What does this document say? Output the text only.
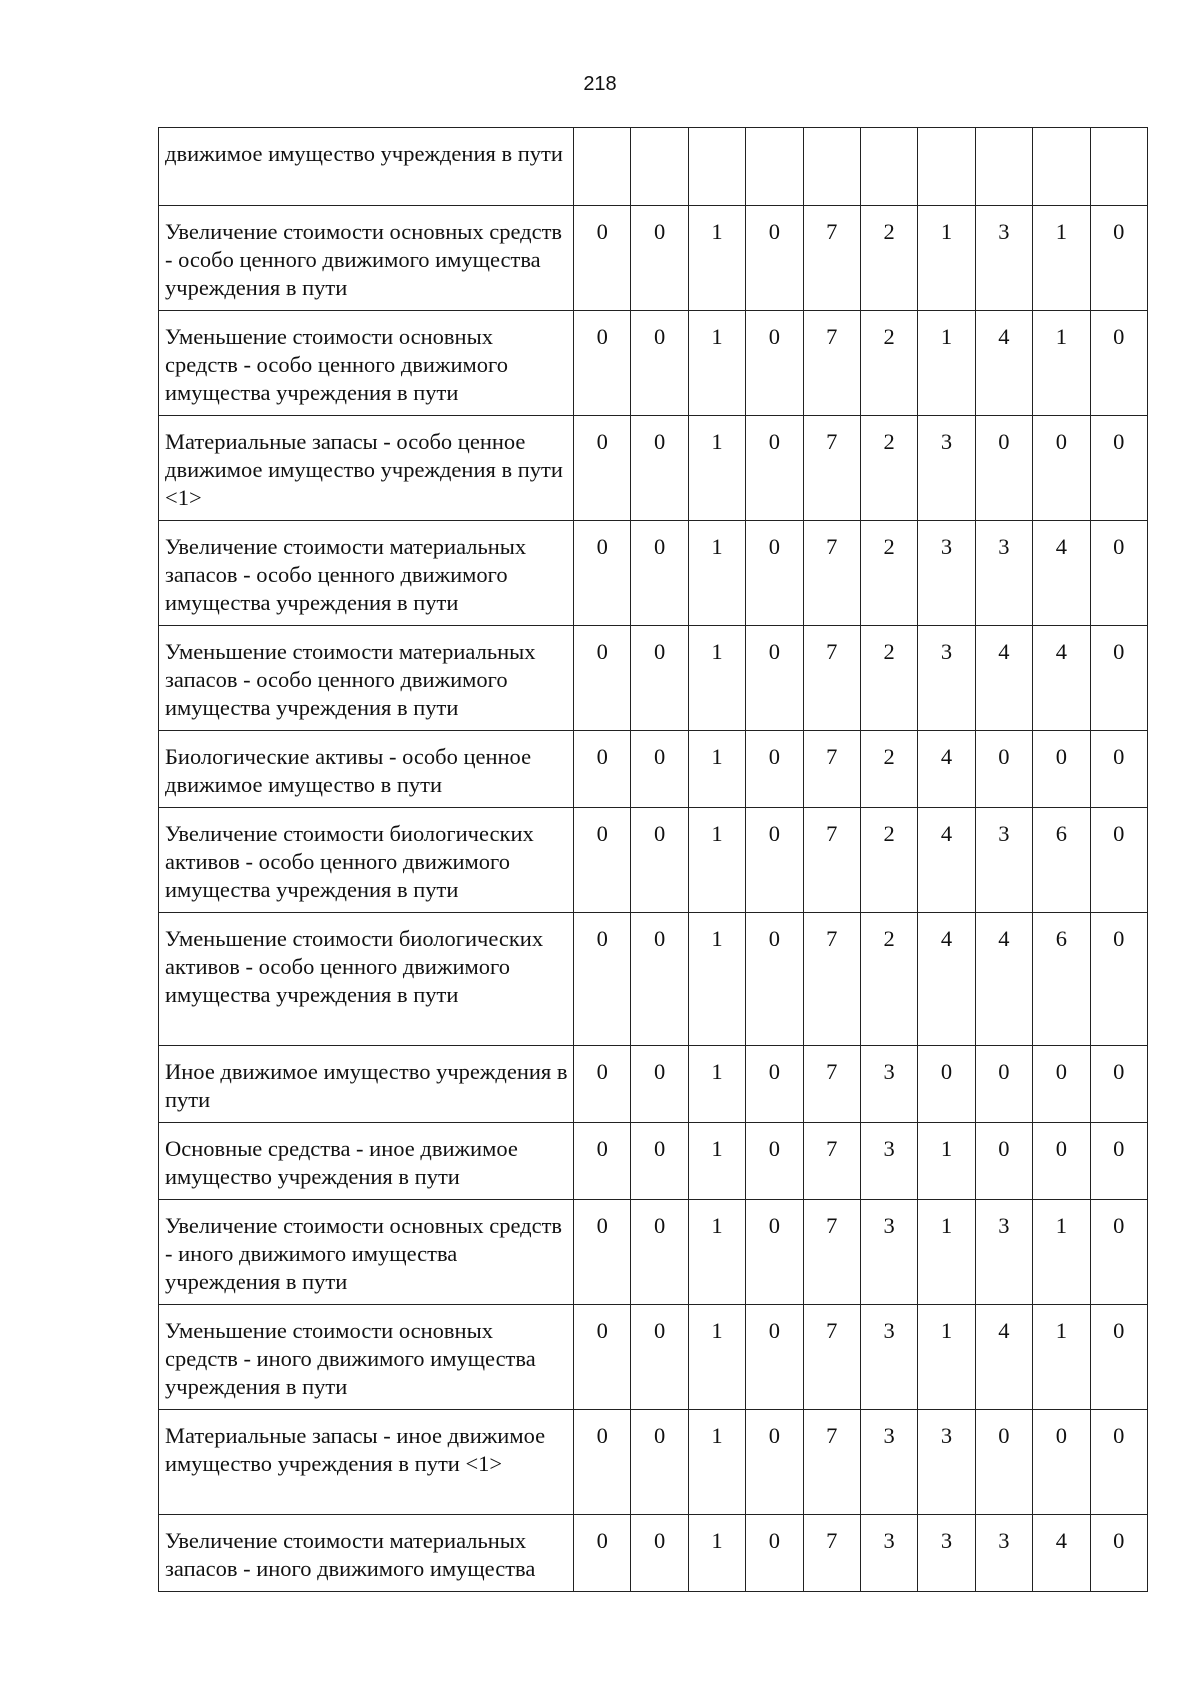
218
движимое имущество учреждения в пути										
Увеличение стоимости основных средств - особо ценного движимого имущества учреждения в пути	0	0	1	0	7	2	1	3	1	0
Уменьшение стоимости основных средств - особо ценного движимого имущества учреждения в пути	0	0	1	0	7	2	1	4	1	0
Материальные запасы - особо ценное движимое имущество учреждения в пути <1>	0	0	1	0	7	2	3	0	0	0
Увеличение стоимости материальных запасов - особо ценного движимого имущества учреждения в пути	0	0	1	0	7	2	3	3	4	0
Уменьшение стоимости материальных запасов - особо ценного движимого имущества учреждения в пути	0	0	1	0	7	2	3	4	4	0
Биологические активы - особо ценное движимое имущество в пути	0	0	1	0	7	2	4	0	0	0
Увеличение стоимости биологических активов - особо ценного движимого имущества учреждения в пути	0	0	1	0	7	2	4	3	6	0
Уменьшение стоимости биологических активов - особо ценного движимого имущества учреждения в пути	0	0	1	0	7	2	4	4	6	0
Иное движимое имущество учреждения в пути	0	0	1	0	7	3	0	0	0	0
Основные средства - иное движимое имущество учреждения в пути	0	0	1	0	7	3	1	0	0	0
Увеличение стоимости основных средств - иного движимого имущества учреждения в пути	0	0	1	0	7	3	1	3	1	0
Уменьшение стоимости основных средств - иного движимого имущества учреждения в пути	0	0	1	0	7	3	1	4	1	0
Материальные запасы - иное движимое имущество учреждения в пути <1>	0	0	1	0	7	3	3	0	0	0
Увеличение стоимости материальных запасов - иного движимого имущества	0	0	1	0	7	3	3	3	4	0
